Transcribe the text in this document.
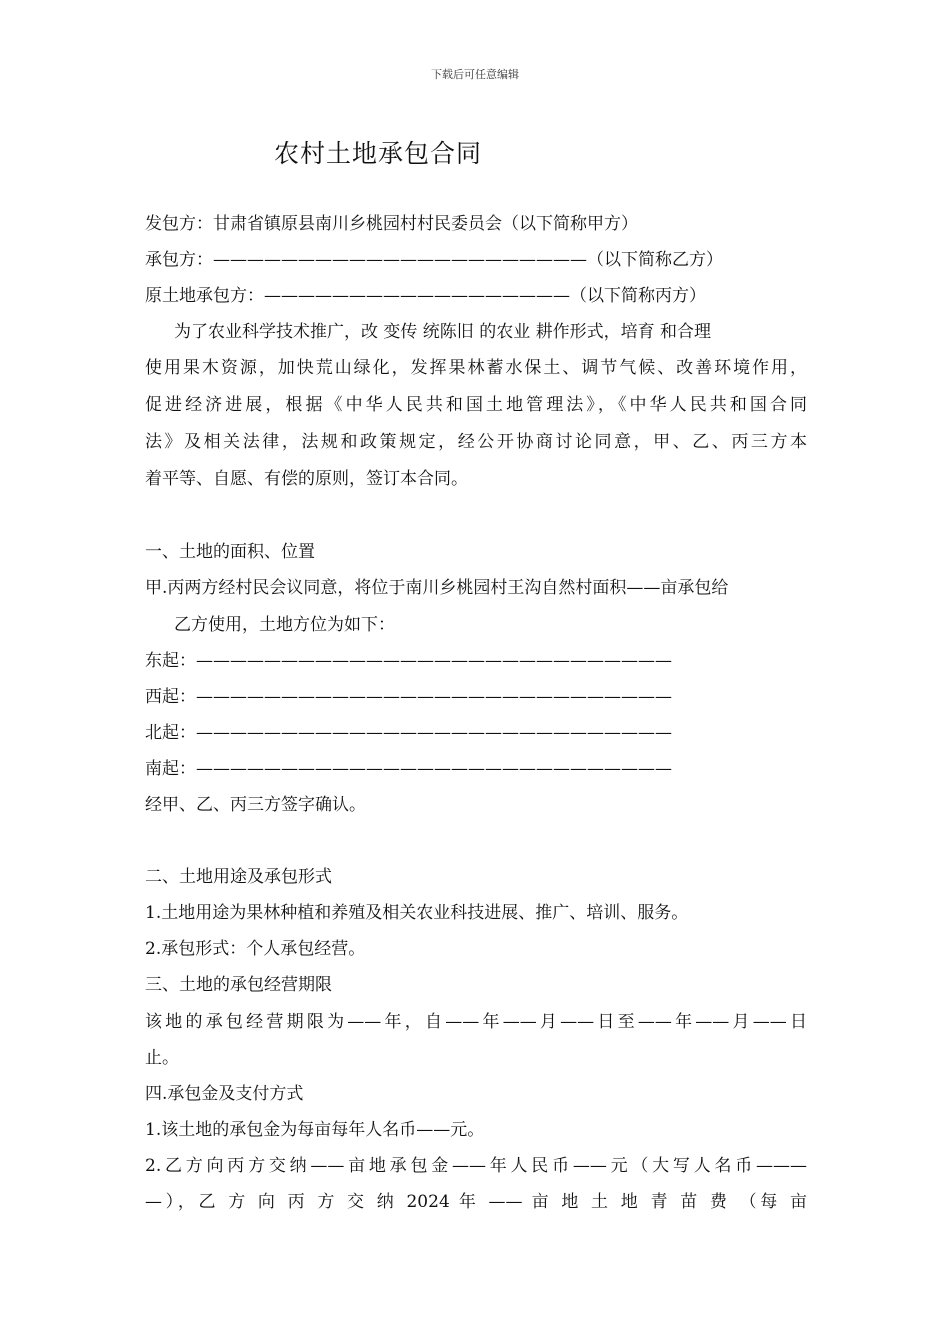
下载后可任意编辑
农村土地承包合同
发包方：甘肃省镇原县南川乡桃园村村民委员会（以下简称甲方）
承包方：——————————————————————（以下简称乙方）
原土地承包方：——————————————————（以下简称丙方）
为了农业科学技术推广，改 变传 统陈旧 的农业 耕作形式，培育 和合理
使用果木资源，加快荒山绿化，发挥果林蓄水保土、调节气候、改善环境作用，
促进经济进展，根据《中华人民共和国土地管理法》，《中华人民共和国合同
法》及相关法律，法规和政策规定，经公开协商讨论同意，甲、乙、丙三方本
着平等、自愿、有偿的原则，签订本合同。
一、土地的面积、位置
甲.丙两方经村民会议同意，将位于南川乡桃园村王沟自然村面积——亩承包给
乙方使用，土地方位为如下：
东起：————————————————————————————
西起：————————————————————————————
北起：————————————————————————————
南起：————————————————————————————
经甲、乙、丙三方签字确认。
二、土地用途及承包形式
1.土地用途为果林种植和养殖及相关农业科技进展、推广、培训、服务。
2.承包形式：个人承包经营。
三、土地的承包经营期限
该地的承包经营期限为——年，自——年——月——日至——年——月——日
止。
四.承包金及支付方式
1.该土地的承包金为每亩每年人名币——元。
2.乙方向丙方交纳——亩地承包金——年人民币——元（大写人名币———
—），乙 方 向 丙 方 交 纳 2024 年 —— 亩 地 土 地 青 苗 费 （每 亩
